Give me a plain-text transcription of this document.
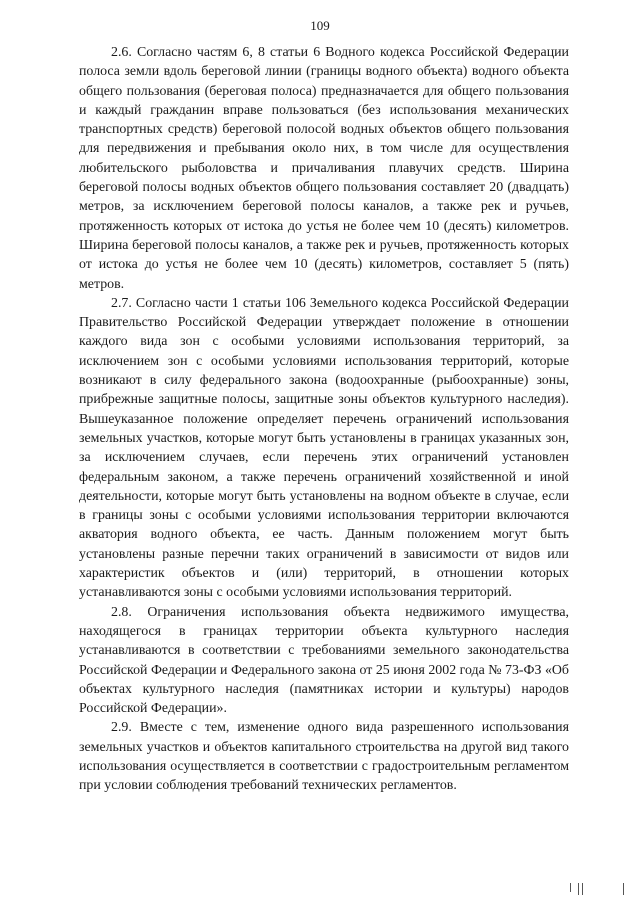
109

2.6. Согласно частям 6, 8 статьи 6 Водного кодекса Российской Федерации полоса земли вдоль береговой линии (границы водного объекта) водного объекта общего пользования (береговая полоса) предназначается для общего пользования и каждый гражданин вправе пользоваться (без использования механических транспортных средств) береговой полосой водных объектов общего пользования для передвижения и пребывания около них, в том числе для осуществления любительского рыболовства и причаливания плавучих средств. Ширина береговой полосы водных объектов общего пользования составляет 20 (двадцать) метров, за исключением береговой полосы каналов, а также рек и ручьев, протяженность которых от истока до устья не более чем 10 (десять) километров. Ширина береговой полосы каналов, а также рек и ручьев, протяженность которых от истока до устья не более чем 10 (десять) километров, составляет 5 (пять) метров.

2.7. Согласно части 1 статьи 106 Земельного кодекса Российской Федерации Правительство Российской Федерации утверждает положение в отношении каждого вида зон с особыми условиями использования территорий, за исключением зон с особыми условиями использования территорий, которые возникают в силу федерального закона (водоохранные (рыбоохранные) зоны, прибрежные защитные полосы, защитные зоны объектов культурного наследия). Вышеуказанное положение определяет перечень ограничений использования земельных участков, которые могут быть установлены в границах указанных зон, за исключением случаев, если перечень этих ограничений установлен федеральным законом, а также перечень ограничений хозяйственной и иной деятельности, которые могут быть установлены на водном объекте в случае, если в границы зоны с особыми условиями использования территории включаются акватория водного объекта, ее часть. Данным положением могут быть установлены разные перечни таких ограничений в зависимости от видов или характеристик объектов и (или) территорий, в отношении которых устанавливаются зоны с особыми условиями использования территорий.

2.8. Ограничения использования объекта недвижимого имущества, находящегося в границах территории объекта культурного наследия устанавливаются в соответствии с требованиями земельного законодательства Российской Федерации и Федерального закона от 25 июня 2002 года № 73-ФЗ «Об объектах культурного наследия (памятниках истории и культуры) народов Российской Федерации».

2.9. Вместе с тем, изменение одного вида разрешенного использования земельных участков и объектов капитального строительства на другой вид такого использования осуществляется в соответствии с градостроительным регламентом при условии соблюдения требований технических регламентов.
